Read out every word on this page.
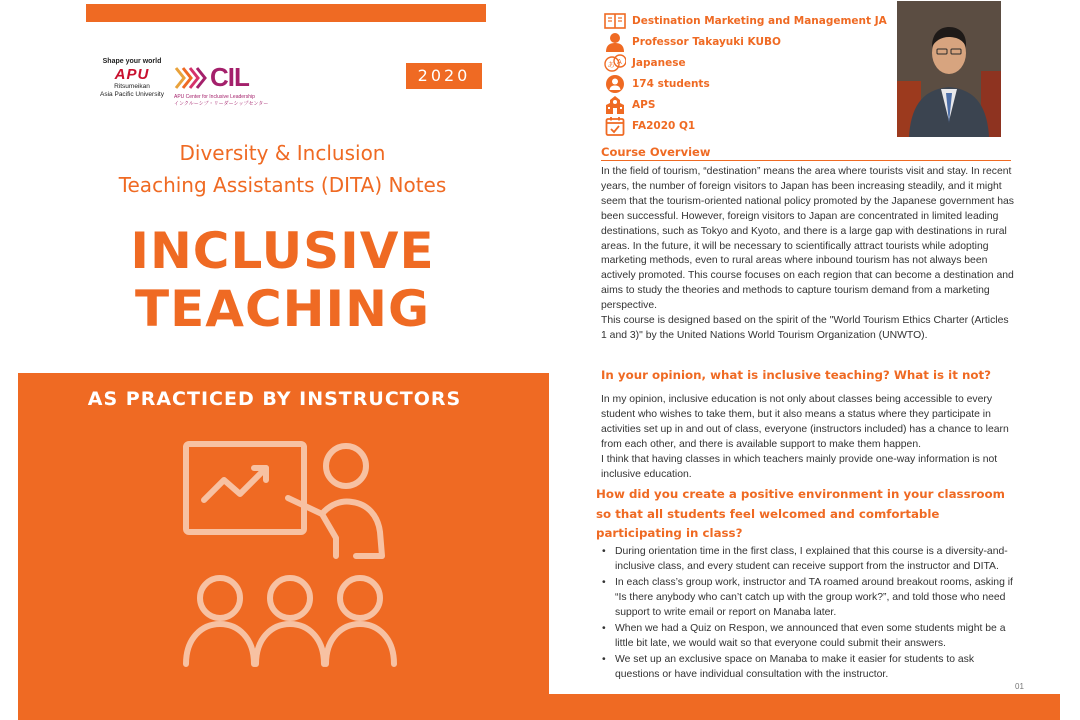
Shape your world
APU
Ritsumeikan
Asia Pacific University
CIL
APU Center for Inclusive Leadership
インクルーシブ・リーダーシップセンター
2020
Diversity & Inclusion
Teaching Assistants (DITA) Notes
INCLUSIVE
TEACHING
AS PRACTICED BY INSTRUCTORS
Destination Marketing and Management JA
Professor Takayuki KUBO
あ A Japanese
174 students
APS
FA2020 Q1
Course Overview

In the field of tourism, “destination” means the area where tourists visit and stay. In recent years, the number of foreign visitors to Japan has been increasing steadily, and it might seem that the tourism-oriented national policy promoted by the Japanese government has been successful. However, foreign visitors to Japan are concentrated in limited leading destinations, such as Tokyo and Kyoto, and there is a large gap with destinations in rural areas. In the future, it will be necessary to scientifically attract tourists while adopting marketing methods, even to rural areas where inbound tourism has not always been actively promoted. This course focuses on each region that can become a destination and aims to study the theories and methods to capture tourism demand from a marketing perspective.

This course is designed based on the spirit of the "World Tourism Ethics Charter (Articles 1 and 3)" by the United Nations World Tourism Organization (UNWTO).

In your opinion, what is inclusive teaching? What is it not?

In my opinion, inclusive education is not only about classes being accessible to every student who wishes to take them, but it also means a status where they participate in activities set up in and out of class, everyone (instructors included) has a chance to learn from each other, and there is available support to make them happen.

I think that having classes in which teachers mainly provide one-way information is not inclusive education.

How did you create a positive environment in your classroom so that all students feel welcomed and comfortable participating in class?
• During orientation time in the first class, I explained that this course is a diversity-and-inclusive class, and every student can receive support from the instructor and DITA.
• In each class’s group work, instructor and TA roamed around breakout rooms, asking if “Is there anybody who can’t catch up with the group work?”, and told those who need support to write email or report on Manaba later.
• When we had a Quiz on Respon, we announced that even some students might be a little bit late, we would wait so that everyone could submit their answers.
• We set up an exclusive space on Manaba to make it easier for students to ask questions or have individual consultation with the instructor.
01
